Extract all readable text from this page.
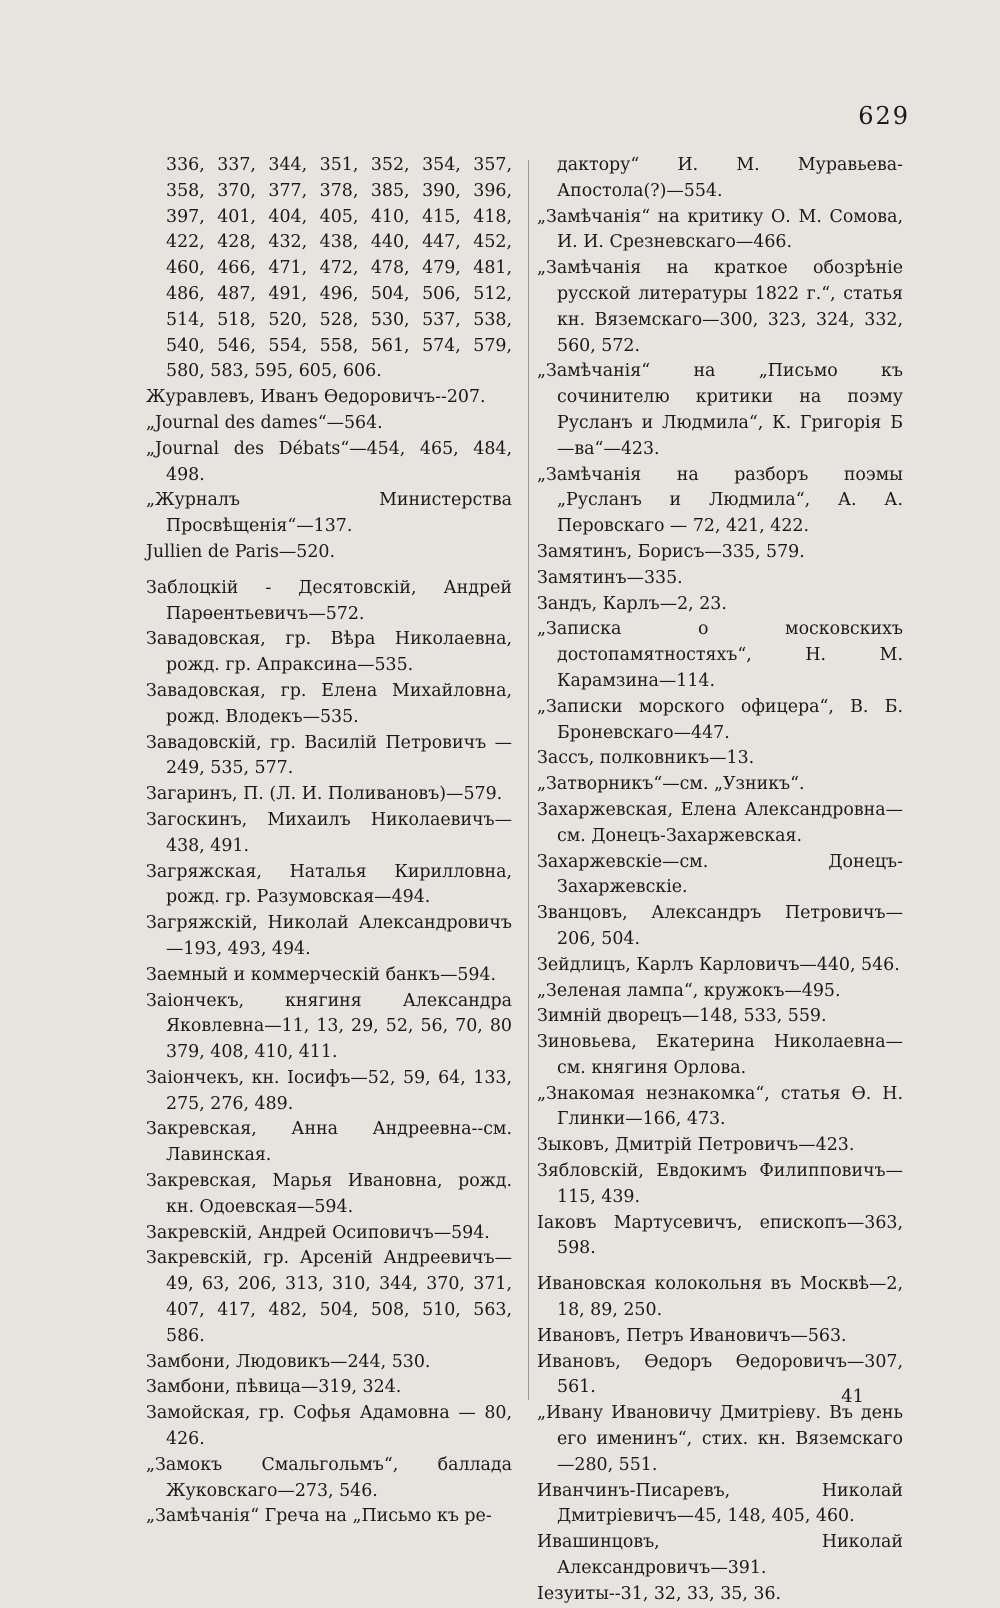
629

336, 337, 344, 351, 352, 354, 357, 358, 370, 377, 378, 385, 390, 396, 397, 401, 404, 405, 410, 415, 418, 422, 428, 432, 438, 440, 447, 452, 460, 466, 471, 472, 478, 479, 481, 486, 487, 491, 496, 504, 506, 512, 514, 518, 520, 528, 530, 537, 538, 540, 546, 554, 558, 561, 574, 579, 580, 583, 595, 605, 606.

Журавлевъ, Иванъ Өедоровичъ--207.

„Journal des dames“—564.

„Journal des Débats“—454, 465, 484, 498.

„Журналъ Министерства Просвѣщенія“—137.

Jullien de Paris—520.

Заблоцкій - Десятовскій, Андрей Парөентьевичъ—572.

Завадовская, гр. Вѣра Николаевна, рожд. гр. Апраксина—535.

Завадовская, гр. Елена Михайловна, рожд. Влодекъ—535.

Завадовскій, гр. Василій Петровичъ — 249, 535, 577.

Загаринъ, П. (Л. И. Поливановъ)—579.

Загоскинъ, Михаилъ Николаевичъ—438, 491.

Загряжская, Наталья Кирилловна, рожд. гр. Разумовская—494.

Загряжскій, Николай Александровичъ—193, 493, 494.

Заемный и коммерческій банкъ—594.

Заіончекъ, княгиня Александра Яковлевна—11, 13, 29, 52, 56, 70, 80 379, 408, 410, 411.

Заіончекъ, кн. Іосифъ—52, 59, 64, 133, 275, 276, 489.

Закревская, Анна Андреевна--см. Лавинская.

Закревская, Марья Ивановна, рожд. кн. Одоевская—594.

Закревскій, Андрей Осиповичъ—594.

Закревскій, гр. Арсеній Андреевичъ—49, 63, 206, 313, 310, 344, 370, 371, 407, 417, 482, 504, 508, 510, 563, 586.

Замбони, Людовикъ—244, 530.

Замбони, пѣвица—319, 324.

Замойская, гр. Софья Адамовна — 80, 426.

„Замокъ Смальгольмъ“, баллада Жуковскаго—273, 546.

„Замѣчанія“ Греча на „Письмо къ ре-

дактору“ И. М. Муравьева-Апостола(?)—554.

„Замѣчанія“ на критику О. М. Сомова, И. И. Срезневскаго—466.

„Замѣчанія на краткое обозрѣніе русской литературы 1822 г.“, статья кн. Вяземскаго—300, 323, 324, 332, 560, 572.

„Замѣчанія“ на „Письмо къ сочинителю критики на поэму Русланъ и Людмила“, К. Григорія Б—ва“—423.

„Замѣчанія на разборъ поэмы „Русланъ и Людмила“, А. А. Перовскаго — 72, 421, 422.

Замятинъ, Борисъ—335, 579.

Замятинъ—335.

Зандъ, Карлъ—2, 23.

„Записка о московскихъ достопамятностяхъ“, Н. М. Карамзина—114.

„Записки морского офицера“, В. Б. Броневскаго—447.

Зассъ, полковникъ—13.

„Затворникъ“—см. „Узникъ“.

Захаржевская, Елена Александровна—см. Донецъ-Захаржевская.

Захаржевскіе—см. Донецъ-Захаржевскіе.

Званцовъ, Александръ Петровичъ—206, 504.

Зейдлицъ, Карлъ Карловичъ—440, 546.

„Зеленая лампа“, кружокъ—495.

Зимній дворецъ—148, 533, 559.

Зиновьева, Екатерина Николаевна—см. княгиня Орлова.

„Знакомая незнакомка“, статья Ө. Н. Глинки—166, 473.

Зыковъ, Дмитрій Петровичъ—423.

Зябловскій, Евдокимъ Филипповичъ—115, 439.

Іаковъ Мартусевичъ, епископъ—363, 598.

Ивановская колокольня въ Москвѣ—2, 18, 89, 250.

Ивановъ, Петръ Ивановичъ—563.

Ивановъ, Өедоръ Өедоровичъ—307, 561.

„Ивану Ивановичу Дмитріеву. Въ день его именинъ“, стих. кн. Вяземскаго—280, 551.

Иванчинъ-Писаревъ, Николай Дмитріевичъ—45, 148, 405, 460.

Ивашинцовъ, Николай Александровичъ—391.

Іезуиты--31, 32, 33, 35, 36.

41
